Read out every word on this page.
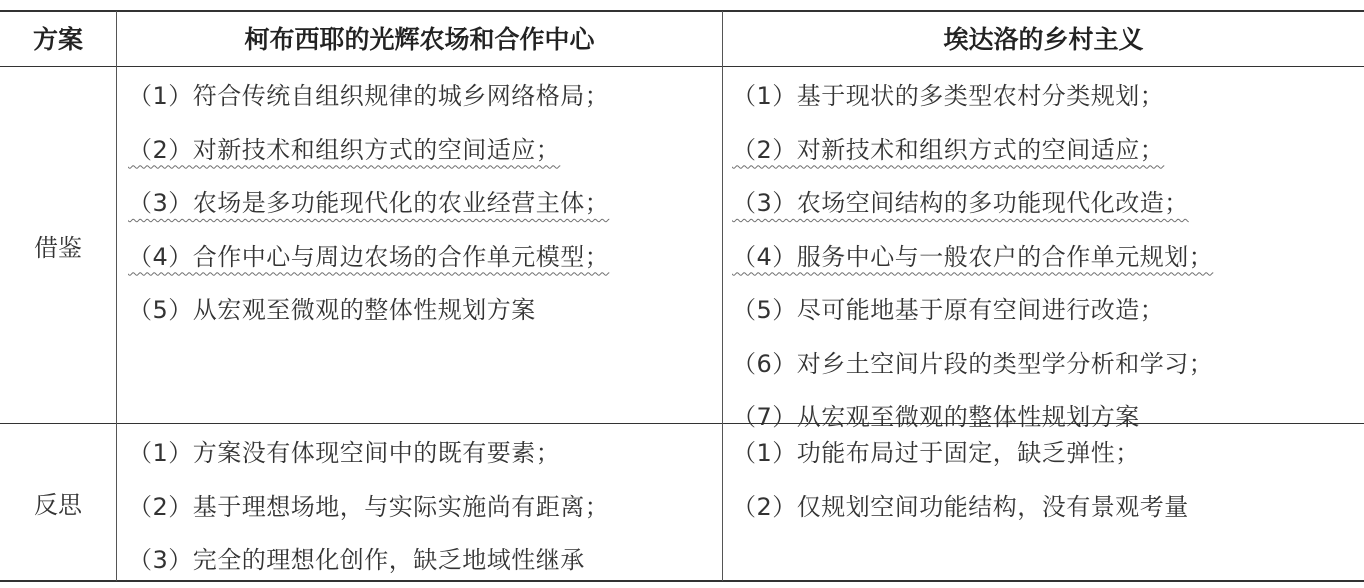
方案	柯布西耶的光辉农场和合作中心	埃达洛的乡村主义
借鉴
反思
（1）符合传统自组织规律的城乡网络格局；
（2）对新技术和组织方式的空间适应；
（3）农场是多功能现代化的农业经营主体；
（4）合作中心与周边农场的合作单元模型；
（5）从宏观至微观的整体性规划方案
（1）基于现状的多类型农村分类规划；
（2）对新技术和组织方式的空间适应；
（3）农场空间结构的多功能现代化改造；
（4）服务中心与一般农户的合作单元规划；
（5）尽可能地基于原有空间进行改造；
（6）对乡土空间片段的类型学分析和学习；
（7）从宏观至微观的整体性规划方案
（1）方案没有体现空间中的既有要素；
（2）基于理想场地，与实际实施尚有距离；
（3）完全的理想化创作，缺乏地域性继承
（1）功能布局过于固定，缺乏弹性；
（2）仅规划空间功能结构，没有景观考量
